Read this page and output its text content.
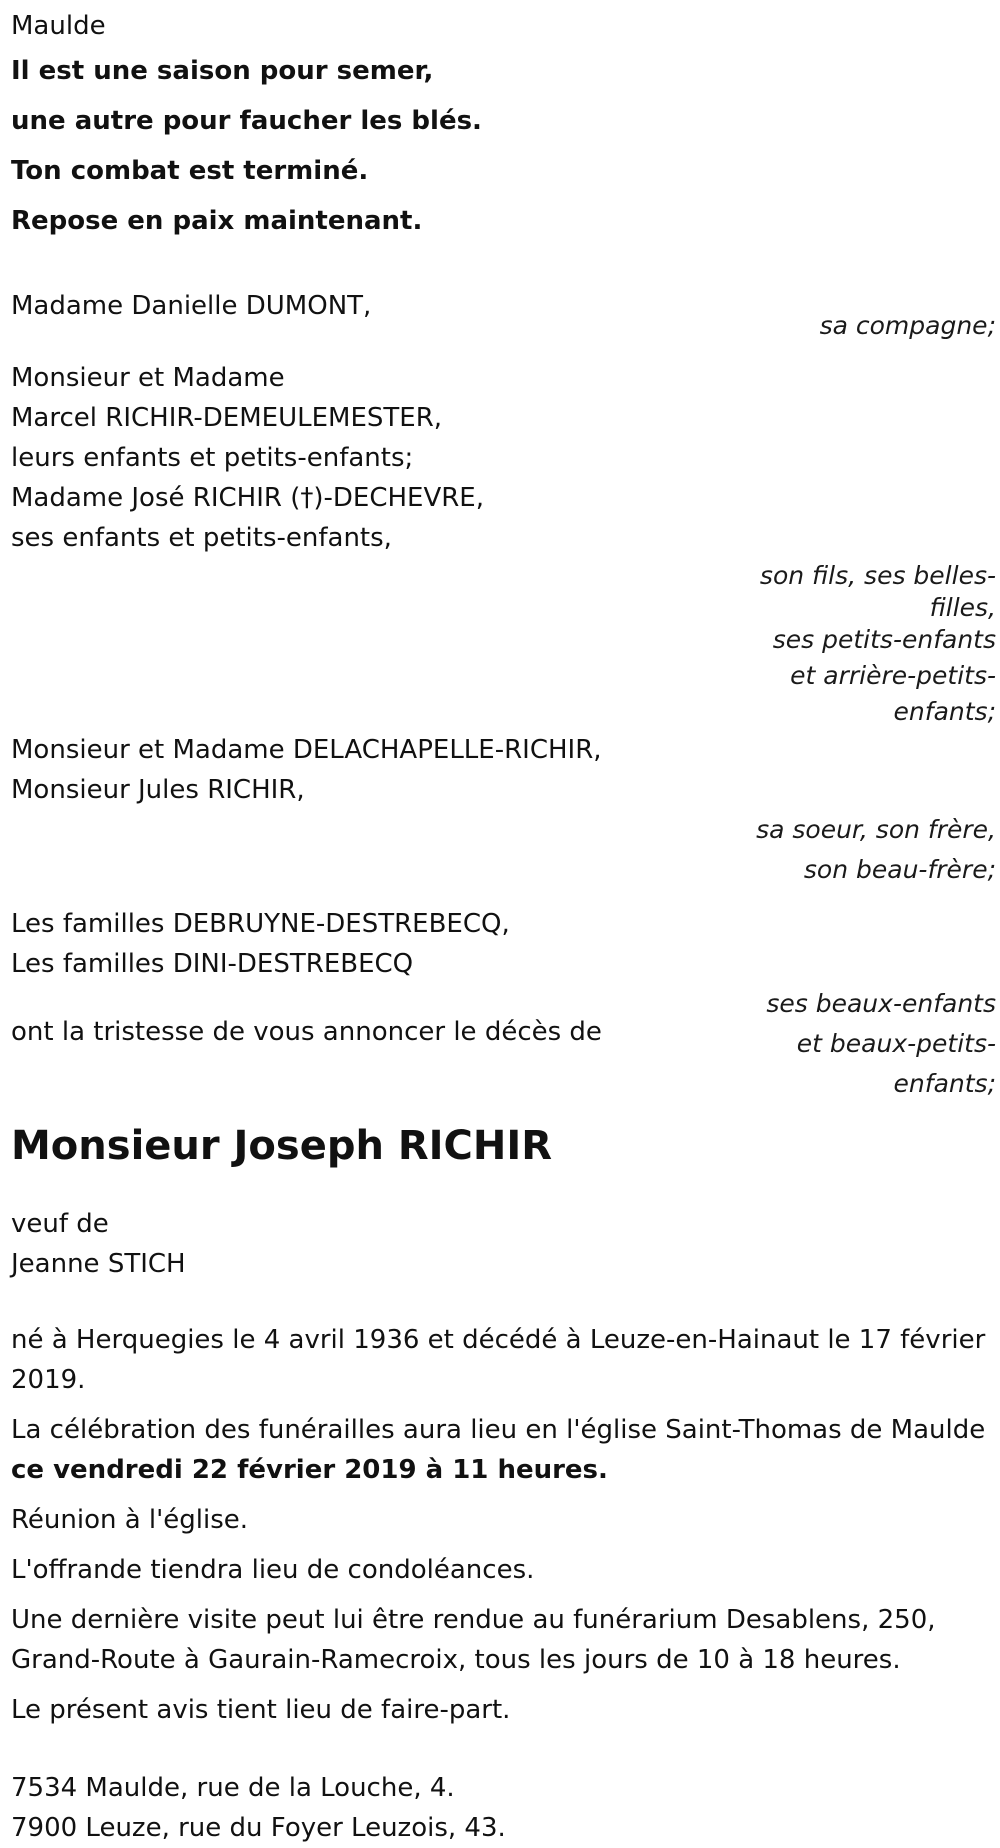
Maulde
Il est une saison pour semer,
une autre pour faucher les blés.
Ton combat est terminé.
Repose en paix maintenant.
Madame Danielle DUMONT,
sa compagne;
Monsieur et Madame
Marcel RICHIR-DEMEULEMESTER,
leurs enfants et petits-enfants;
Madame José RICHIR (†)-DECHEVRE,
ses enfants et petits-enfants,
son fils, ses belles-
filles,
ses petits-enfants
et arrière-petits-
enfants;
Monsieur et Madame DELACHAPELLE-RICHIR,
Monsieur Jules RICHIR,
sa soeur, son frère,
son beau-frère;
Les familles DEBRUYNE-DESTREBECQ,
Les familles DINI-DESTREBECQ
ont la tristesse de vous annoncer le décès de
ses beaux-enfants
et beaux-petits-
enfants;
Monsieur Joseph RICHIR
veuf de
Jeanne STICH
né à Herquegies le 4 avril 1936 et décédé à Leuze-en-Hainaut le 17 février 2019.
La célébration des funérailles aura lieu en l'église Saint-Thomas de Maulde ce vendredi 22 février 2019 à 11 heures.
Réunion à l'église.
L'offrande tiendra lieu de condoléances.
Une dernière visite peut lui être rendue au funérarium Desablens, 250, Grand-Route à Gaurain-Ramecroix, tous les jours de 10 à 18 heures.
Le présent avis tient lieu de faire-part.
7534 Maulde, rue de la Louche, 4.
7900 Leuze, rue du Foyer Leuzois, 43.
